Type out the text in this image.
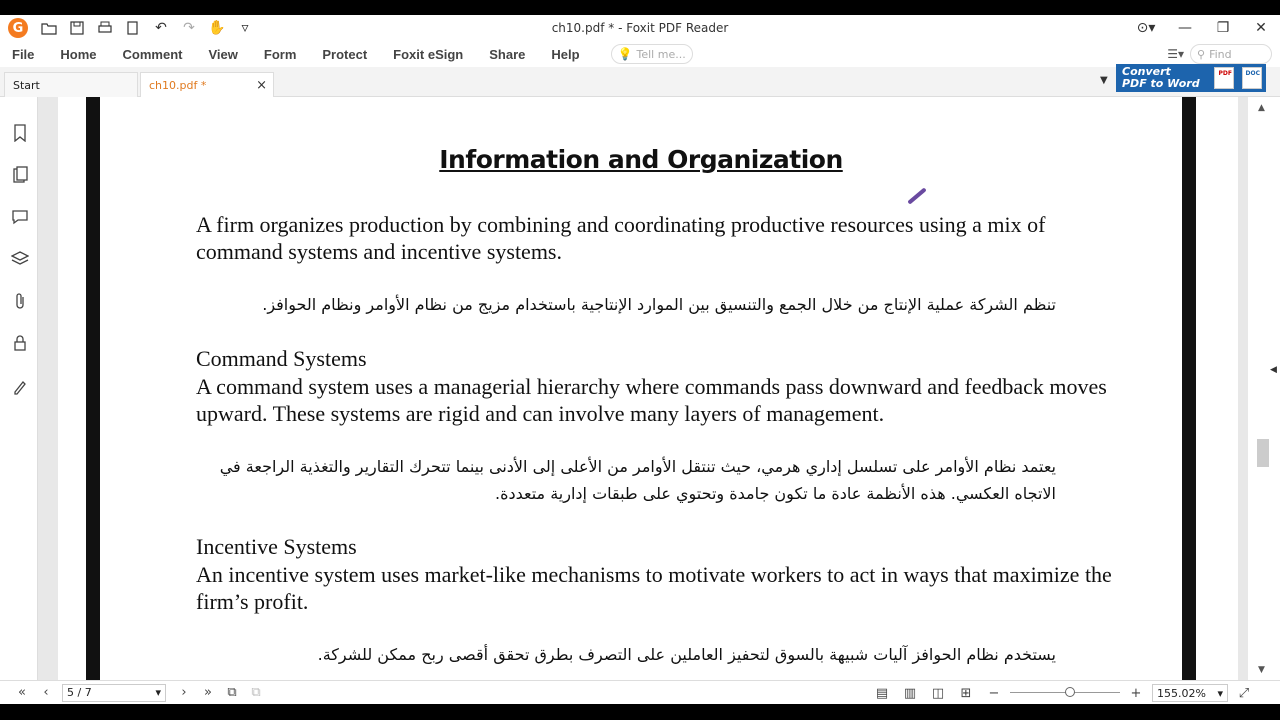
G	↶ ↷ ✋	▿	ch10.pdf * - Foxit PDF Reader	⊙▾	—	❐	✕
File	Home	Comment	View	Form	Protect	Foxit eSign	Share	Help	💡 Tell me...	☰▾ ⚲ Find
Start	ch10.pdf *	×	▼
Convert
PDF to Word
PDF	DOC
Information and Organization
A firm organizes production by combining and coordinating productive resources using a mix of command systems and incentive systems.
تنظم الشركة عملية الإنتاج من خلال الجمع والتنسيق بين الموارد الإنتاجية باستخدام مزيج من نظام الأوامر ونظام الحوافز.
Command Systems
A command system uses a managerial hierarchy where commands pass downward and feedback moves upward. These systems are rigid and can involve many layers of management.
يعتمد نظام الأوامر على تسلسل إداري هرمي، حيث تنتقل الأوامر من الأعلى إلى الأدنى بينما تتحرك التقارير والتغذية الراجعة في الاتجاه العكسي. هذه الأنظمة عادة ما تكون جامدة وتحتوي على طبقات إدارية متعددة.
Incentive Systems
An incentive system uses market-like mechanisms to motivate workers to act in ways that maximize the firm’s profit.
يستخدم نظام الحوافز آليات شبيهة بالسوق لتحفيز العاملين على التصرف بطرق تحقق أقصى ربح ممكن للشركة.
▲
◀
▼
«	‹	5 / 7	▾	›	»	⧉	⧉	▤	▥	◫	⊞	−	+	155.02% ▾	⤢
